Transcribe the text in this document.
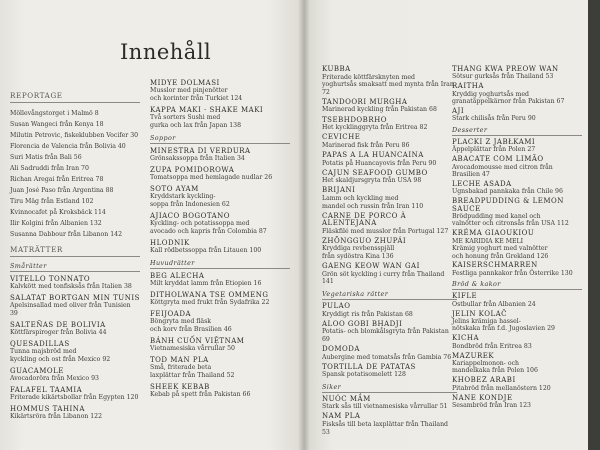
Innehåll
REPORTAGE
Möllevångstorget i Malmö 8
Susan Wangeci från Kenya 18
Milutin Petrovic, fiskeklubben Vocifer 30
Florencia de Valencia från Bolivia 40
Suri Matis från Bali 56
Ali Sadruddi från Iran 70
Richan Aregai från Eritrea 78
Juan José Paso från Argentina 88
Tiru Mäg från Estland 102
Kvinnocafet på Kroksbäck 114
Ilir Kolgini från Albanien 132
Susanna Dabbour från Libanon 142
MATRÄTTER
Smårätter
VITELLO TONNATO
Kalvkött med tonfisksås från Italien 38
SALATAT BORTGAN MIN TUNIS
Apelsinsallad med oliver från Tunisien 39
SALTEÑAS DE BOLIVIA
Köttfärspiroger från Bolivia 44
QUESADILLAS
Tunna majsbröd med
kyckling och ost från Mexico 92
GUACAMOLE
Avocadoröra från Mexico 93
FALAFEL TAAMIA
Friterade kikärtsbollar från Egypten 120
HOMMUS TAHINA
Kikärtsröra från Libanon 122
MIDYE DOLMASI
Musslor med pinjenötter
och korinter från Turkiet 124
KAPPA MAKI · SHAKE MAKI
Två sorters Sushi med
gurka och lax från Japan 138
Soppor
MINESTRA DI VERDURA
Grönsakssoppa från Italien 34
ZUPA POMIDOROWA
Tomatsoppa med hemlagade nudlar 26
SOTO AYAM
Kryddstark kyckling-
soppa från Indonesien 62
AJIACO BOGOTANO
Kyckling- och potatissoppa med
avocado och kapris från Colombia 87
HLODNIK
Kall rödbetssoppa från Litauen 100
Huvudrätter
BEG ALECHA
Milt kryddat lamm från Etiopien 16
DITHOLWANA TSE OMMENG
Köttgryta med frukt från Sydafrika 22
FEIJOADA
Böngryta med fläsk
och korv från Brasilien 46
BÁNH CUỐN VIỆTNAM
Vietnamesiska vårrullar 50
TOD MAN PLA
Små, friterade beta
laxplättar från Thailand 52
SHEEK KEBAB
Kebab på spett från Pakistan 66
KUBBA
Friterade köttfärsknyten med
yoghurtsås smaksatt med mynta från Iran 72
TANDOORI MURGHA
Marinerad kyckling från Pakistan 68
TSEBHDOBRHO
Het kycklinggryta från Eritrea 82
CEVICHE
Marinerad fisk från Peru 86
PAPAS A LA HUANCAINA
Potatis på Huancayovis från Peru 90
CAJUN SEAFOOD GUMBO
Het skaldjursgryta från USA 98
BRIJANI
Lamm och kyckling med
mandel och russin från Iran 110
CARNE DE PORCO À ALENTEJANA
Fläskfilé med musslor från Portugal 127
ZHŌNGGUO ZHUPÁI
Kryddiga revbensspjäll
från sydöstra Kina 136
GAENG KEOW WAN GAI
Grön söt kyckling i curry från Thailand 141
Vegetariska rätter
PULAO
Kryddigt ris från Pakistan 68
ALOO GOBI BHADJI
Potatis- och blomkålsgryta från Pakistan 69
DOMODA
Aubergine med tomatsås från Gambia 76
TORTILLA DE PATATAS
Spansk potatisomelett 128
Siker
NUÓC MẮM
Stark sås till vietnamesiska vårrullar 51
NAM PLA
Fisksås till beta laxplättar från Thailand 53
THANG KWA PREOW WAN
Sötsur gurksås från Thailand 53
RAITHA
Kryddig yoghurtsås med
granatäppelkärnor från Pakistan 67
AJI
Stark chilisås från Peru 90
Desserter
PLACKI Z JABŁKAMI
Äppelplättar från Polen 27
ABACATE COM LIMÃO
Avocadomousse med citron från Brasilien 47
LECHE ASADA
Ugnsbakad pannkaka från Chile 96
BREADPUDDING & LEMON SAUCE
Brödpudding med kanel och
valnötter och citronsås från USA 112
KRÉMA GIAOUKIOU
ME KARIDIA KE MELI
Krämig yoghurt med valnötter
och honung från Grekland 126
KAISERSCHMARREN
Festliga pannkakor från Österrike 130
Bröd & kakor
KIFLE
Ostbullar från Albanien 24
JELIN KOLAČ
Jelins krämiga hassel-
nötskaka från f.d. Jugoslavien 29
KICHA
Bondbröd från Eritrea 83
MAZUREK
Kariappelmonon- och
mandelkaka från Polen 106
KHOBEZ ARABI
Pitabröd från mellanöstern 120
NANE KONDJE
Sesambröd från Iran 123
